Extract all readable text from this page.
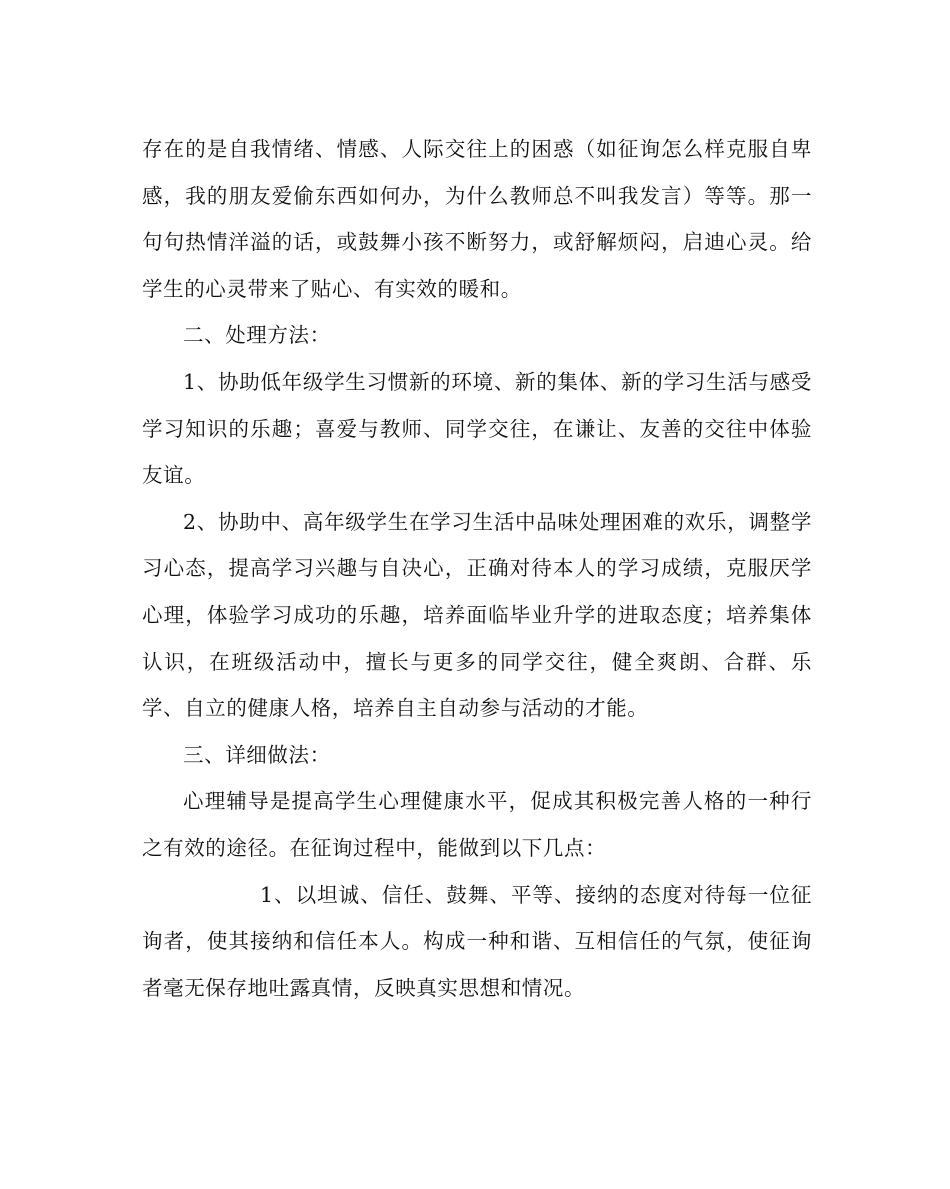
存在的是自我情绪、情感、人际交往上的困惑（如征询怎么样克服自卑感，我的朋友爱偷东西如何办，为什么教师总不叫我发言）等等。那一句句热情洋溢的话，或鼓舞小孩不断努力，或舒解烦闷，启迪心灵。给学生的心灵带来了贴心、有实效的暖和。

二、处理方法：

1、协助低年级学生习惯新的环境、新的集体、新的学习生活与感受学习知识的乐趣；喜爱与教师、同学交往，在谦让、友善的交往中体验友谊。

2、协助中、高年级学生在学习生活中品味处理困难的欢乐，调整学习心态，提高学习兴趣与自决心，正确对待本人的学习成绩，克服厌学心理，体验学习成功的乐趣，培养面临毕业升学的进取态度；培养集体认识，在班级活动中，擅长与更多的同学交往，健全爽朗、合群、乐学、自立的健康人格，培养自主自动参与活动的才能。

三、详细做法：

心理辅导是提高学生心理健康水平，促成其积极完善人格的一种行之有效的途径。在征询过程中，能做到以下几点：

1、以坦诚、信任、鼓舞、平等、接纳的态度对待每一位征询者，使其接纳和信任本人。构成一种和谐、互相信任的气氛，使征询者毫无保存地吐露真情，反映真实思想和情况。
